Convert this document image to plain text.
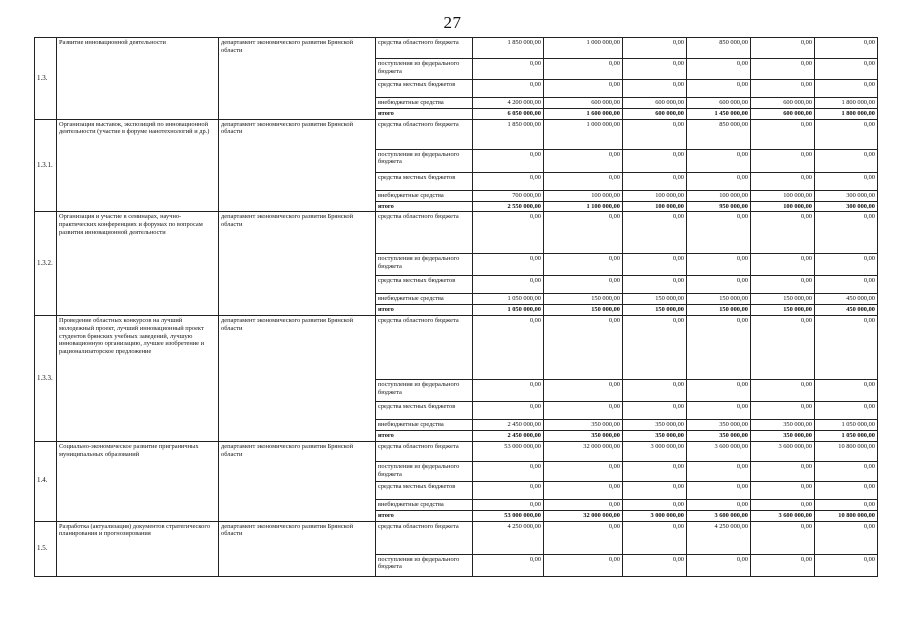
27
1.3.	Развитие инновационной деятельности	департамент экономического развития Брянской области	средства областного бюджета	1 850 000,00	1 000 000,00	0,00	850 000,00	0,00	0,00
			поступления из федерального бюджета	0,00	0,00	0,00	0,00	0,00	0,00
			средства местных бюджетов	0,00	0,00	0,00	0,00	0,00	0,00
			внебюджетные средства	4 200 000,00	600 000,00	600 000,00	600 000,00	600 000,00	1 800 000,00
			итого	6 050 000,00	1 600 000,00	600 000,00	1 450 000,00	600 000,00	1 800 000,00
1.3.1.	Организация выставок, экспозиций по инновационной деятельности (участие в форуме нанотехнологий и др.)	департамент экономического развития Брянской области	средства областного бюджета	1 850 000,00	1 000 000,00	0,00	850 000,00	0,00	0,00
			поступления из федерального бюджета	0,00	0,00	0,00	0,00	0,00	0,00
			средства местных бюджетов	0,00	0,00	0,00	0,00	0,00	0,00
			внебюджетные средства	700 000,00	100 000,00	100 000,00	100 000,00	100 000,00	300 000,00
			итого	2 550 000,00	1 100 000,00	100 000,00	950 000,00	100 000,00	300 000,00
1.3.2.	Организация и участие в семинарах, научно-практических конференциях и форумах по вопросам развития инновационной деятельности	департамент экономического развития Брянской области	средства областного бюджета	0,00	0,00	0,00	0,00	0,00	0,00
			поступления из федерального бюджета	0,00	0,00	0,00	0,00	0,00	0,00
			средства местных бюджетов	0,00	0,00	0,00	0,00	0,00	0,00
			внебюджетные средства	1 050 000,00	150 000,00	150 000,00	150 000,00	150 000,00	450 000,00
			итого	1 050 000,00	150 000,00	150 000,00	150 000,00	150 000,00	450 000,00
1.3.3.	Проведение областных конкурсов на лучший молодежный проект, лучший инновационный проект студентов брянских учебных заведений, лучшую инновационную организацию, лучшее изобретение и рационализаторское предложение	департамент экономического развития Брянской области	средства областного бюджета	0,00	0,00	0,00	0,00	0,00	0,00
			поступления из федерального бюджета	0,00	0,00	0,00	0,00	0,00	0,00
			средства местных бюджетов	0,00	0,00	0,00	0,00	0,00	0,00
			внебюджетные средства	2 450 000,00	350 000,00	350 000,00	350 000,00	350 000,00	1 050 000,00
			итого	2 450 000,00	350 000,00	350 000,00	350 000,00	350 000,00	1 050 000,00
1.4.	Социально-экономическое развитие приграничных муниципальных образований	департамент экономического развития Брянской области	средства областного бюджета	53 000 000,00	32 000 000,00	3 000 000,00	3 600 000,00	3 600 000,00	10 800 000,00
			поступления из федерального бюджета	0,00	0,00	0,00	0,00	0,00	0,00
			средства местных бюджетов	0,00	0,00	0,00	0,00	0,00	0,00
			внебюджетные средства	0,00	0,00	0,00	0,00	0,00	0,00
			итого	53 000 000,00	32 000 000,00	3 000 000,00	3 600 000,00	3 600 000,00	10 800 000,00
1.5.	Разработка (актуализация) документов стратегического планирования и прогнозирования	департамент экономического развития Брянской области	средства областного бюджета	4 250 000,00	0,00	0,00	4 250 000,00	0,00	0,00
			поступления из федерального бюджета	0,00	0,00	0,00	0,00	0,00	0,00
